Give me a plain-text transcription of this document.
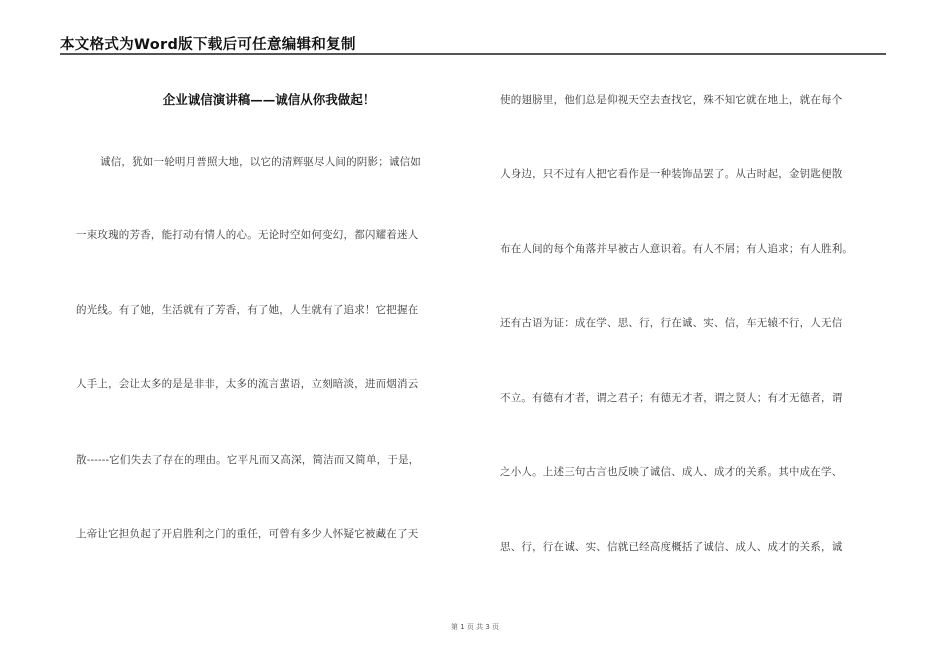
本文格式为Word版下载后可任意编辑和复制
企业诚信演讲稿——诚信从你我做起！
诚信，犹如一轮明月普照大地，以它的清辉驱尽人间的阴影；诚信如
一束玫瑰的芳香，能打动有情人的心。无论时空如何变幻，都闪耀着迷人
的光线。有了她，生活就有了芳香，有了她，人生就有了追求！它把握在
人手上，会让太多的是是非非，太多的流言蜚语，立刻暗淡，进而烟消云
散------它们失去了存在的理由。它平凡而又高深，简洁而又简单，于是，
上帝让它担负起了开启胜利之门的重任，可曾有多少人怀疑它被藏在了天
使的翅膀里，他们总是仰视天空去查找它，殊不知它就在地上，就在每个
人身边，只不过有人把它看作是一种装饰品罢了。从古时起，金钥匙便散
布在人间的每个角落并早被古人意识着。有人不屑；有人追求；有人胜利。
还有古语为证：成在学、思、行，行在诚、实、信，车无辕不行，人无信
不立。有德有才者，谓之君子；有德无才者，谓之贤人；有才无德者，谓
之小人。上述三句古言也反映了诚信、成人、成才的关系。其中成在学、
思、行，行在诚、实、信就已经高度概括了诚信、成人、成才的关系，诚
第 1 页 共 3 页
